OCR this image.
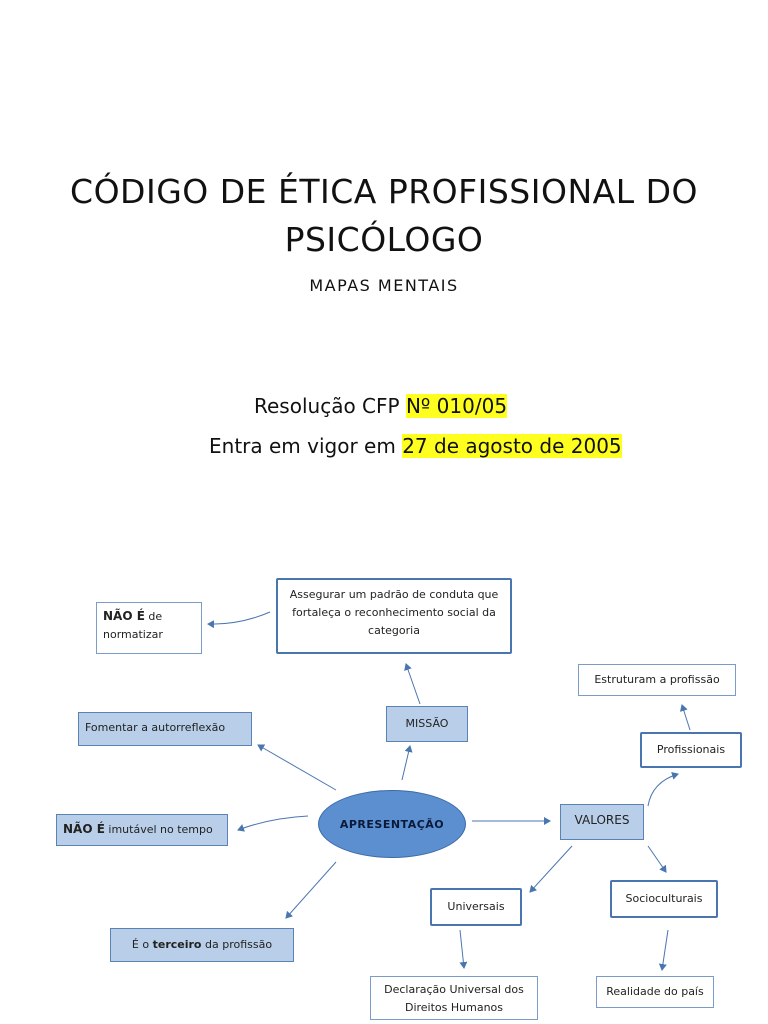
CÓDIGO DE ÉTICA PROFISSIONAL DO
PSICÓLOGO
MAPAS MENTAIS
Resolução CFP Nº 010/05
Entra em vigor em 27 de agosto de 2005
Assegurar um padrão de conduta que fortaleça o reconhecimento social da categoria
NÃO É de
normatizar
MISSÃO
Fomentar a autorreflexão
NÃO É imutável no tempo
É o terceiro da profissão
APRESENTAÇÃO	VALORES
Estruturam a profissão
Profissionais
Universais
Socioculturais
Declaração Universal dos Direitos Humanos
Realidade do país
